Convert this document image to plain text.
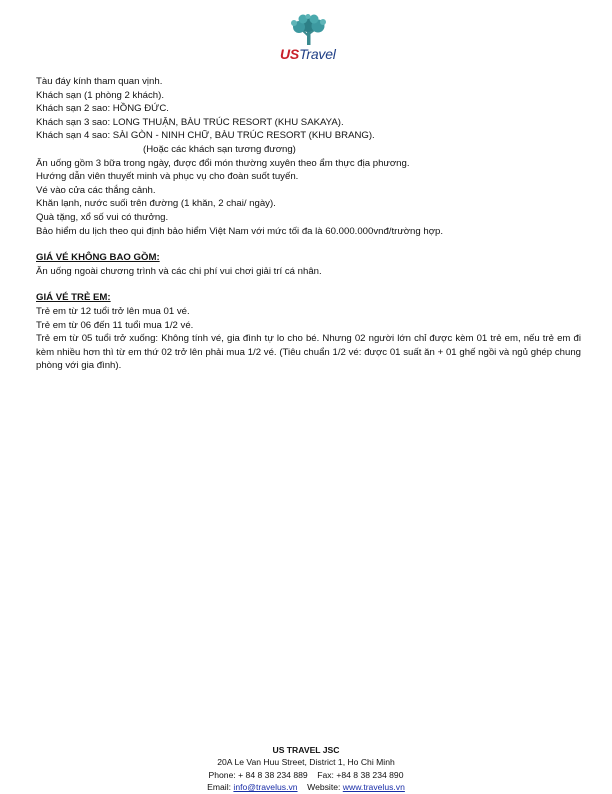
USTravel
Tàu đáy kính tham quan vịnh.
Khách sạn (1 phòng 2 khách).
Khách sạn 2 sao: HỒNG ĐỨC.
Khách sạn 3 sao: LONG THUẬN, BÀU TRÚC RESORT (KHU SAKAYA).
Khách sạn 4 sao: SÀI GÒN - NINH CHỮ, BÀU TRÚC RESORT (KHU BRANG).
(Hoặc các khách sạn tương đương)
Ăn uống gồm 3 bữa trong ngày, được đổi món thường xuyên theo ẩm thực địa phương.
Hướng dẫn viên thuyết minh và phục vụ cho đoàn suốt tuyến.
Vé vào cửa các thắng cảnh.
Khăn lạnh, nước suối trên đường (1 khăn, 2 chai/ ngày).
Quà tặng, xổ số vui có thưởng.
Bảo hiểm du lịch theo qui định bảo hiểm Việt Nam với mức tối đa là 60.000.000vnđ/trường hợp.
GIÁ VÉ KHÔNG BAO GỒM:
Ăn uống ngoài chương trình và các chi phí vui chơi giải trí cá nhân.
GIÁ VÉ TRẺ EM:
Trẻ em từ 12 tuổi trở lên mua 01 vé.
Trẻ em từ 06 đến 11 tuổi mua 1/2 vé.
Trẻ em từ 05 tuổi trở xuống: Không tính vé, gia đình tự lo cho bé. Nhưng 02 người lớn chỉ được kèm 01 trẻ em, nếu trẻ em đi kèm nhiều hơn thì từ em thứ 02 trở lên phải mua 1/2 vé. (Tiêu chuẩn 1/2 vé: được 01 suất ăn + 01 ghế ngồi và ngủ ghép chung phòng với gia đình).
US TRAVEL JSC
20A Le Van Huu Street, District 1, Ho Chi Minh
Phone: + 84 8 38 234 889 Fax: +84 8 38 234 890
Email: info@travelus.vn Website: www.travelus.vn
